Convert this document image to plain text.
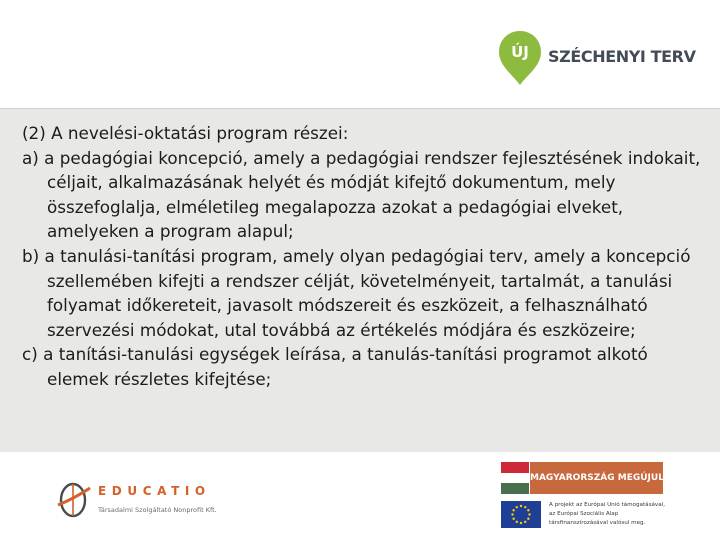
ÚJ	SZÉCHENYI TERV

(2) A nevelési-oktatási program részei:

a) a pedagógiai koncepció, amely a pedagógiai rendszer fejlesztésének indokait, céljait, alkalmazásának helyét és módját kifejtő dokumentum, mely összefoglalja, elméletileg megalapozza azokat a pedagógiai elveket, amelyeken a program alapul;

b) a tanulási-tanítási program, amely olyan pedagógiai terv, amely a koncepció szellemében kifejti a rendszer célját, követelményeit, tartalmát, a tanulási folyamat időkereteit, javasolt módszereit és eszközeit, a felhasználható szervezési módokat, utal továbbá az értékelés módjára és eszközeire;

c) a tanítási-tanulási egységek leírása, a tanulás-tanítási programot alkotó elemek részletes kifejtése;

EDUCATIO
Társadalmi Szolgáltató Nonprofit Kft.
MAGYARORSZÁG MEGÚJUL
A projekt az Európai Unió támogatásával,
az Európai Szociális Alap
társfinanszírozásával valósul meg.
